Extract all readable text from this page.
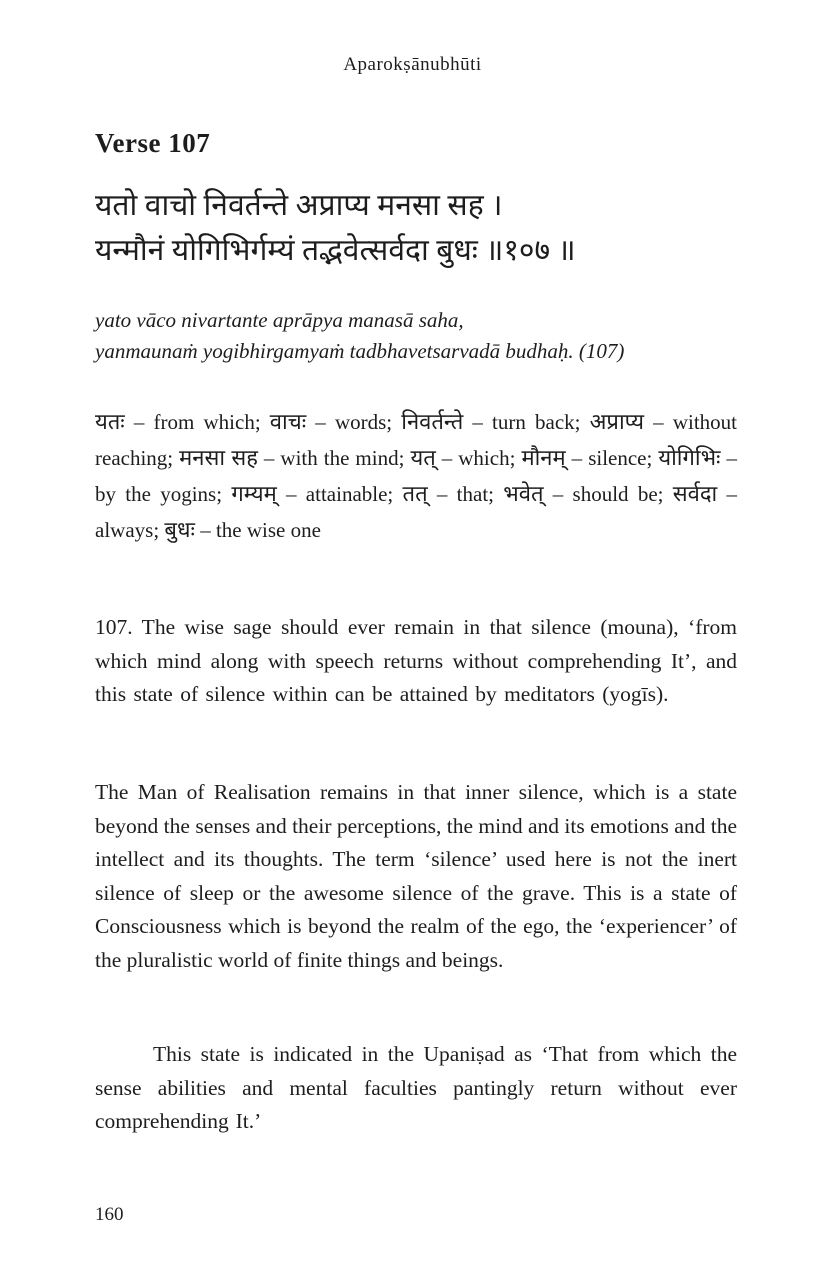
Aparokṣānubhūti
Verse 107
यतो वाचो निवर्तन्ते अप्राप्य मनसा सह ।
यन्मौनं योगिभिर्गम्यं तद्भवेत्सर्वदा बुधः ॥१०७ ॥
yato vāco nivartante aprāpya manasā saha,
yanmaunaṁ yogibhirgamyaṁ tadbhavetsarvadā budhaḥ. (107)
यतः – from which; वाचः – words; निवर्तन्ते – turn back; अप्राप्य – without reaching; मनसा सह – with the mind; यत् – which; मौनम् – silence; योगिभिः – by the yogins; गम्यम् – attainable; तत् – that; भवेत् – should be; सर्वदा – always; बुधः – the wise one

107. The wise sage should ever remain in that silence (mouna), ‘from which mind along with speech returns without comprehending It’, and this state of silence within can be attained by meditators (yogīs).

The Man of Realisation remains in that inner silence, which is a state beyond the senses and their perceptions, the mind and its emotions and the intellect and its thoughts. The term ‘silence’ used here is not the inert silence of sleep or the awesome silence of the grave. This is a state of Consciousness which is beyond the realm of the ego, the ‘experiencer’ of the pluralistic world of finite things and beings.

This state is indicated in the Upaniṣad as ‘That from which the sense abilities and mental faculties pantingly return without ever comprehending It.’

160
